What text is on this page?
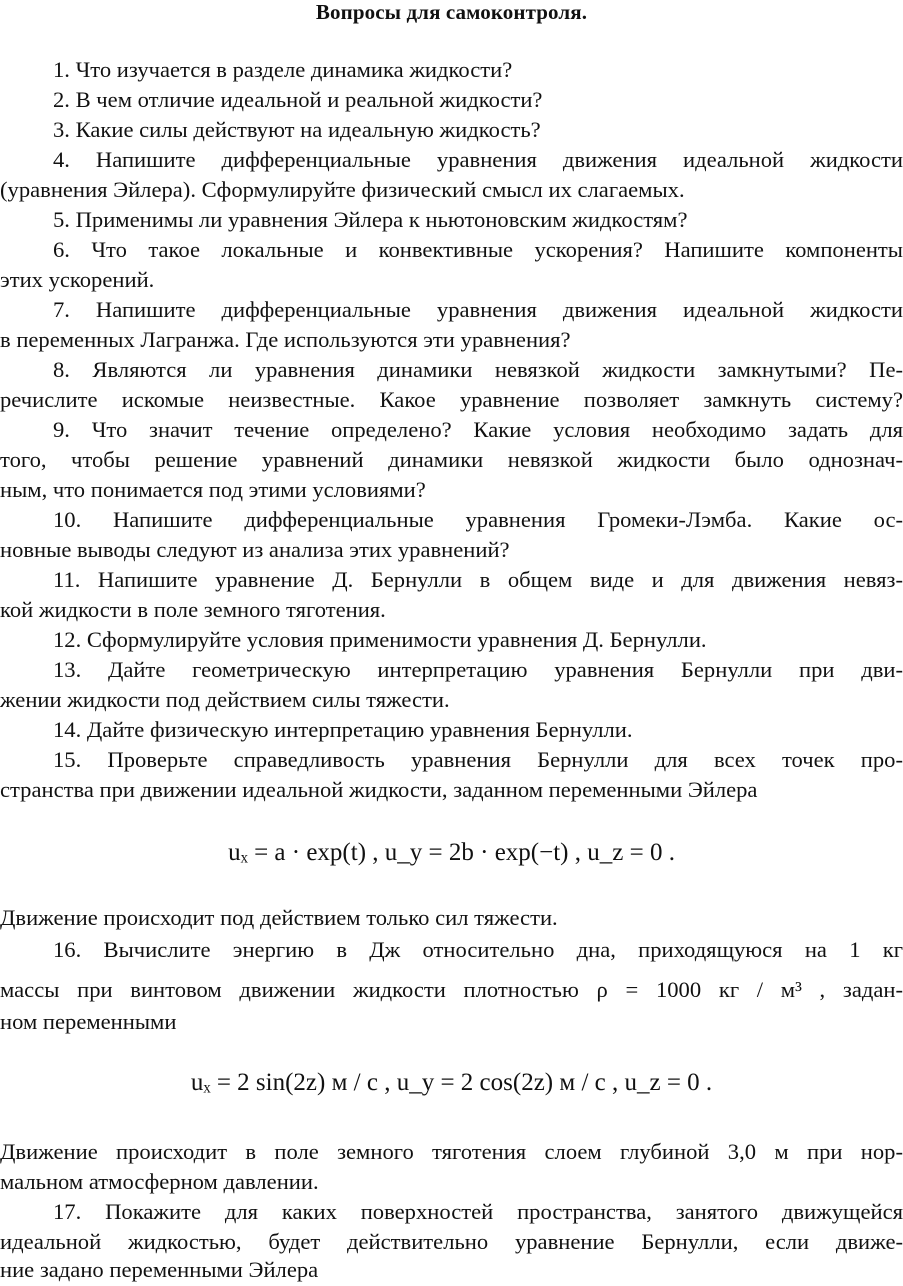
Вопросы для самоконтроля.
1. Что изучается в разделе динамика жидкости?
2. В чем отличие идеальной и реальной жидкости?
3. Какие силы действуют на идеальную жидкость?
4. Напишите дифференциальные уравнения движения идеальной жидкости
(уравнения Эйлера). Сформулируйте физический смысл их слагаемых.
5. Применимы ли уравнения Эйлера к ньютоновским жидкостям?
6. Что такое локальные и конвективные ускорения? Напишите компоненты
этих ускорений.
7. Напишите дифференциальные уравнения движения идеальной жидкости
в переменных Лагранжа. Где используются эти уравнения?
8. Являются ли уравнения динамики невязкой жидкости замкнутыми? Пе-
речислите искомые неизвестные. Какое уравнение позволяет замкнуть систему?
9. Что значит течение определено? Какие условия необходимо задать для
того, чтобы решение уравнений динамики невязкой жидкости было однознач-
ным, что понимается под этими условиями?
10. Напишите дифференциальные уравнения Громеки-Лэмба. Какие ос-
новные выводы следуют из анализа этих уравнений?
11. Напишите уравнение Д. Бернулли в общем виде и для движения невяз-
кой жидкости в поле земного тяготения.
12. Сформулируйте условия применимости уравнения Д. Бернулли.
13. Дайте геометрическую интерпретацию уравнения Бернулли при дви-
жении жидкости под действием силы тяжести.
14. Дайте физическую интерпретацию уравнения Бернулли.
15. Проверьте справедливость уравнения Бернулли для всех точек про-
странства при движении идеальной жидкости, заданном переменными Эйлера
uₓ = a · exp(t) , u_y = 2b · exp(−t) , u_z = 0 .
Движение происходит под действием только сил тяжести.
16. Вычислите энергию в Дж относительно дна, приходящуюся на 1 кг
массы при винтовом движении жидкости плотностью ρ = 1000 кг / м³ , задан-
ном переменными
uₓ = 2 sin(2z) м / с , u_y = 2 cos(2z) м / с , u_z = 0 .
Движение происходит в поле земного тяготения слоем глубиной 3,0 м при нор-
мальном атмосферном давлении.
17. Покажите для каких поверхностей пространства, занятого движущейся
идеальной жидкостью, будет действительно уравнение Бернулли, если движе-
ние задано переменными Эйлера
